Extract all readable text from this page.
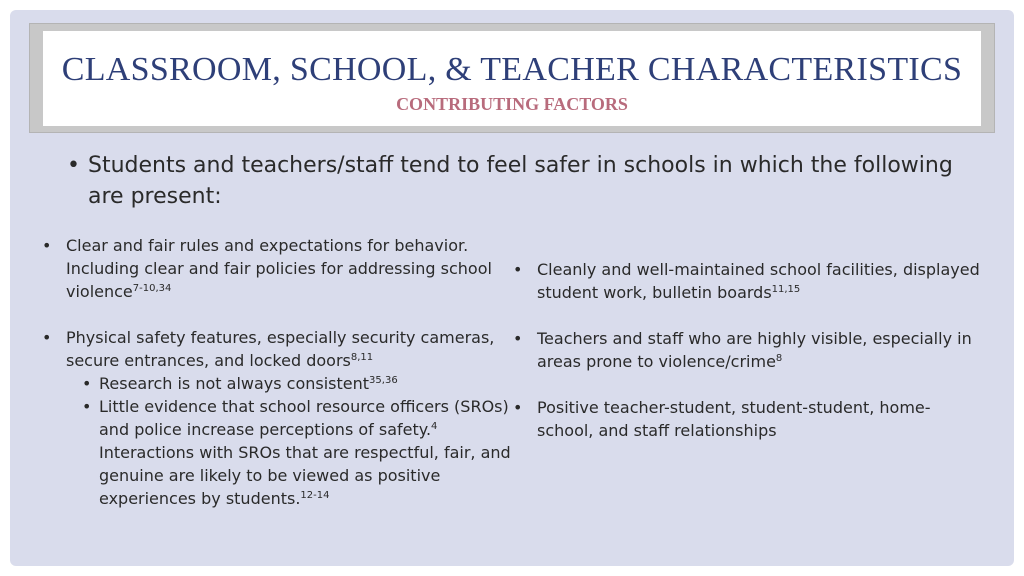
CLASSROOM, SCHOOL, & TEACHER CHARACTERISTICS
CONTRIBUTING FACTORS
• Students and teachers/staff tend to feel safer in schools in which the following are present:
• Clear and fair rules and expectations for behavior. Including clear and fair policies for addressing school violence$^{7-10,34}$
• Physical safety features, especially security cameras, secure entrances, and locked doors$^{8,11}$
• Research is not always consistent$^{35,36}$
• Little evidence that school resource officers (SROs) and police increase perceptions of safety.$^4$ Interactions with SROs that are respectful, fair, and genuine are likely to be viewed as positive experiences by students.$^{12-14}$
• Cleanly and well-maintained school facilities, displayed student work, bulletin boards$^{11,15}$
• Teachers and staff who are highly visible, especially in areas prone to violence/crime$^8$
• Positive teacher-student, student-student, home-school, and staff relationships
